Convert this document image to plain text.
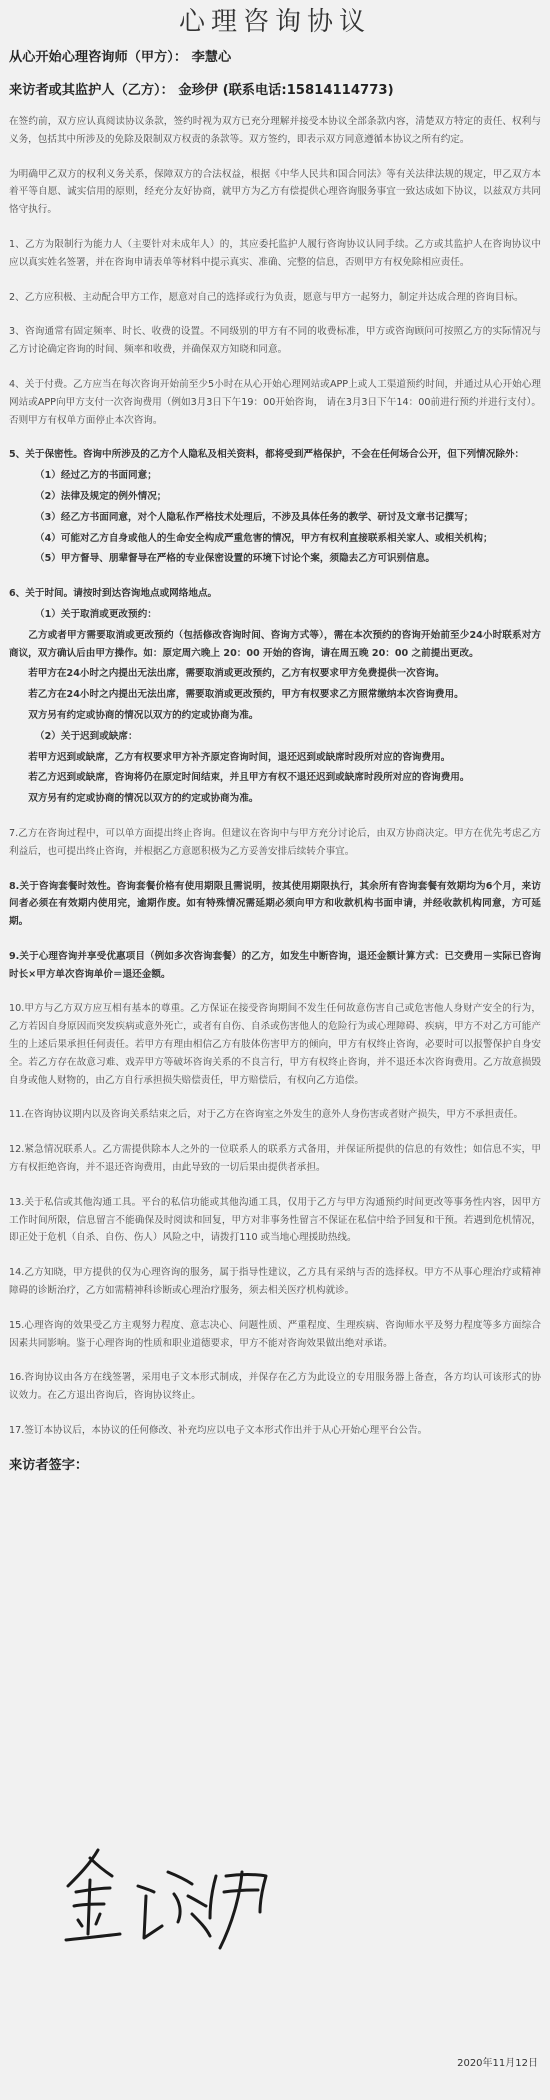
心理咨询协议
从心开始心理咨询师（甲方）： 李慧心
来访者或其监护人（乙方）： 金珍伊 (联系电话:15814114773)

在签约前，双方应认真阅读协议条款，签约时视为双方已充分理解并接受本协议全部条款内容，清楚双方特定的责任、权利与义务，包括其中所涉及的免除及限制双方权责的条款等。双方签约，即表示双方同意遵循本协议之所有约定。

为明确甲乙双方的权利义务关系，保障双方的合法权益，根据《中华人民共和国合同法》等有关法律法规的规定，甲乙双方本着平等自愿、诚实信用的原则，经充分友好协商，就甲方为乙方有偿提供心理咨询服务事宜一致达成如下协议，以兹双方共同恪守执行。

1、乙方为限制行为能力人（主要针对未成年人）的，其应委托监护人履行咨询协议认同手续。乙方或其监护人在咨询协议中应以真实姓名签署，并在咨询申请表单等材料中提示真实、准确、完整的信息，否则甲方有权免除相应责任。

2、乙方应积极、主动配合甲方工作，愿意对自己的选择或行为负责，愿意与甲方一起努力，制定并达成合理的咨询目标。

3、咨询通常有固定频率、时长、收费的设置。不同级别的甲方有不同的收费标准，甲方或咨询顾问可按照乙方的实际情况与乙方讨论确定咨询的时间、频率和收费，并确保双方知晓和同意。

4、关于付费。乙方应当在每次咨询开始前至少5小时在从心开始心理网站或APP上或人工渠道预约时间，并通过从心开始心理网站或APP向甲方支付一次咨询费用（例如3月3日下午19：00开始咨询， 请在3月3日下午14：00前进行预约并进行支付）。否则甲方有权单方面停止本次咨询。

5、关于保密性。咨询中所涉及的乙方个人隐私及相关资料，都将受到严格保护，不会在任何场合公开，但下列情况除外：

（1）经过乙方的书面同意；

（2）法律及规定的例外情况；

（3）经乙方书面同意，对个人隐私作严格技术处理后，不涉及具体任务的教学、研讨及文章书记撰写；

（4）可能对乙方自身或他人的生命安全构成严重危害的情况，甲方有权利直接联系相关家人、或相关机构；

（5）甲方督导、朋辈督导在严格的专业保密设置的环境下讨论个案，须隐去乙方可识别信息。

6、关于时间。请按时到达咨询地点或网络地点。

（1）关于取消或更改预约：

乙方或者甲方需要取消或更改预约（包括修改咨询时间、咨询方式等），需在本次预约的咨询开始前至少24小时联系对方商议，双方确认后由甲方操作。如：原定周六晚上 20：00 开始的咨询，请在周五晚 20：00 之前提出更改。

若甲方在24小时之内提出无法出席，需要取消或更改预约，乙方有权要求甲方免费提供一次咨询。

若乙方在24小时之内提出无法出席，需要取消或更改预约，甲方有权要求乙方照常缴纳本次咨询费用。

双方另有约定或协商的情况以双方的约定或协商为准。

（2）关于迟到或缺席：

若甲方迟到或缺席，乙方有权要求甲方补齐原定咨询时间，退还迟到或缺席时段所对应的咨询费用。

若乙方迟到或缺席，咨询将仍在原定时间结束，并且甲方有权不退还迟到或缺席时段所对应的咨询费用。

双方另有约定或协商的情况以双方的约定或协商为准。

7.乙方在咨询过程中，可以单方面提出终止咨询。但建议在咨询中与甲方充分讨论后，由双方协商决定。甲方在优先考虑乙方利益后，也可提出终止咨询，并根据乙方意愿积极为乙方妥善安排后续转介事宜。

8.关于咨询套餐时效性。咨询套餐价格有使用期限且需说明，按其使用期限执行，其余所有咨询套餐有效期均为6个月，来访问者必须在有效期内使用完，逾期作废。如有特殊情况需延期必须向甲方和收款机构书面申请，并经收款机构同意，方可延期。

9.关于心理咨询并享受优惠项目（例如多次咨询套餐）的乙方，如发生中断咨询，退还金额计算方式：已交费用－实际已咨询时长×甲方单次咨询单价＝退还金额。

10.甲方与乙方双方应互相有基本的尊重。乙方保证在接受咨询期间不发生任何故意伤害自己或危害他人身财产安全的行为，乙方若因自身原因而突发疾病或意外死亡，或者有自伤、自杀或伤害他人的危险行为或心理障碍、疾病，甲方不对乙方可能产生的上述后果承担任何责任。若甲方有理由相信乙方有肢体伤害甲方的倾向，甲方有权终止咨询，必要时可以报警保护自身安全。若乙方存在故意习难、戏弄甲方等破坏咨询关系的不良言行，甲方有权终止咨询，并不退还本次咨询费用。乙方故意损毁自身或他人财物的，由乙方自行承担损失赔偿责任，甲方赔偿后，有权向乙方追偿。

11.在咨询协议期内以及咨询关系结束之后，对于乙方在咨询室之外发生的意外人身伤害或者财产损失，甲方不承担责任。

12.紧急情况联系人。乙方需提供除本人之外的一位联系人的联系方式备用，并保证所提供的信息的有效性；如信息不实，甲方有权拒绝咨询，并不退还咨询费用，由此导致的一切后果由提供者承担。

13.关于私信或其他沟通工具。平台的私信功能或其他沟通工具，仅用于乙方与甲方沟通预约时间更改等事务性内容，因甲方工作时间所限，信息留言不能确保及时阅读和回复，甲方对非事务性留言不保证在私信中给予回复和干预。若遇到危机情况，即正处于危机（自杀、自伤、伤人）风险之中，请拨打110 或当地心理援助热线。

14.乙方知晓，甲方提供的仅为心理咨询的服务，属于指导性建议，乙方具有采纳与否的选择权。甲方不从事心理治疗或精神障碍的诊断治疗，乙方如需精神科诊断或心理治疗服务，须去相关医疗机构就诊。

15.心理咨询的效果受乙方主观努力程度、意志决心、问题性质、严重程度、生理疾病、咨询师水平及努力程度等多方面综合因素共同影响。鉴于心理咨询的性质和职业道德要求，甲方不能对咨询效果做出绝对承诺。

16.咨询协议由各方在线签署，采用电子文本形式制成，并保存在乙方为此设立的专用服务器上备查，各方均认可该形式的协议效力。在乙方退出咨询后，咨询协议终止。

17.签订本协议后，本协议的任何修改、补充均应以电子文本形式作出并于从心开始心理平台公告。

来访者签字：
2020年11月12日
